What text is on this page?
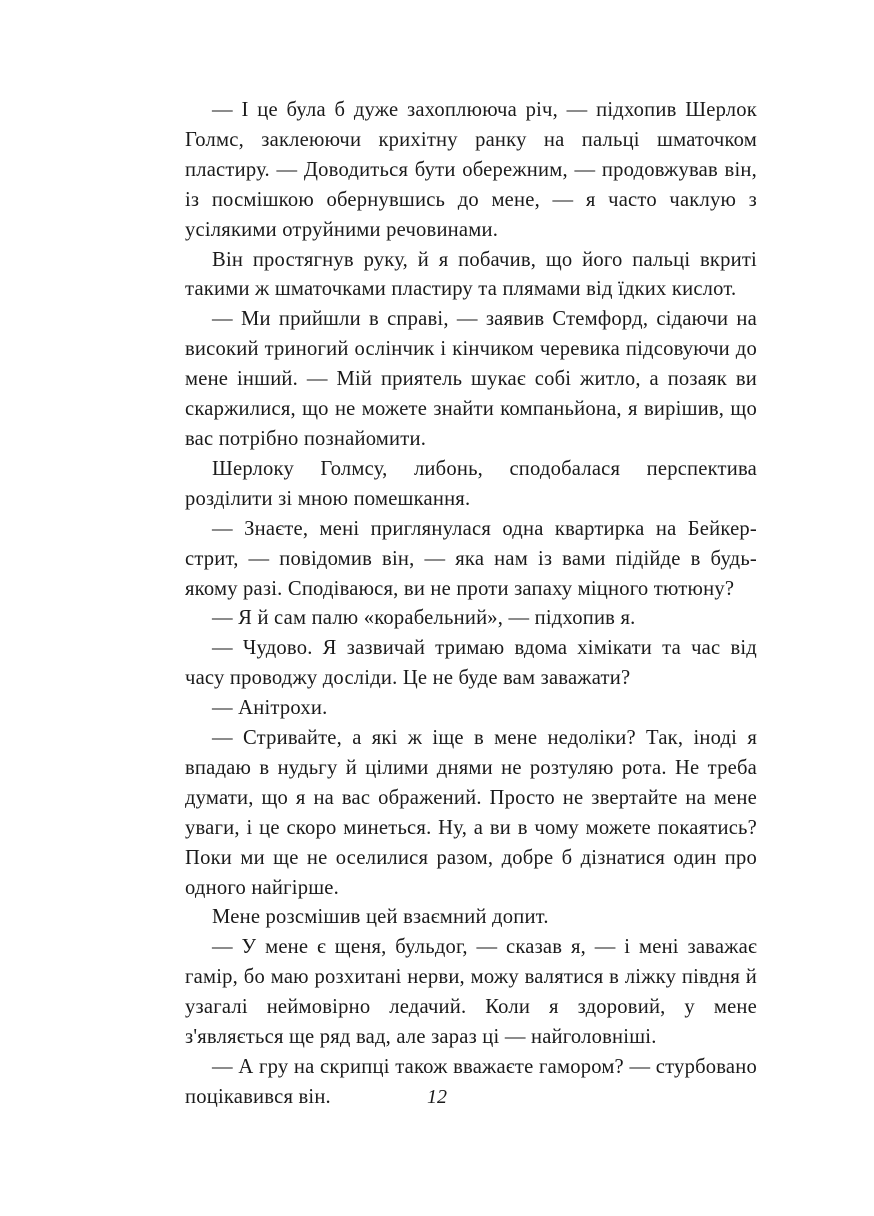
— І це була б дуже захоплююча річ, — підхопив Шерлок Голмс, заклеюючи крихітну ранку на пальці шматочком пластиру. — Доводиться бути обережним, — продовжував він, із посмішкою обернувшись до мене, — я часто чаклую з усілякими отруйними речовинами.

Він простягнув руку, й я побачив, що його пальці вкриті такими ж шматочками пластиру та плямами від їдких кислот.

— Ми прийшли в справі, — заявив Стемфорд, сідаючи на високий триногий ослінчик і кінчиком черевика підсовуючи до мене інший. — Мій приятель шукає собі житло, а позаяк ви скаржилися, що не можете знайти компаньйона, я вирішив, що вас потрібно познайомити.

Шерлоку Голмсу, либонь, сподобалася перспектива розділити зі мною помешкання.

— Знаєте, мені приглянулася одна квартирка на Бейкер-стрит, — повідомив він, — яка нам із вами підійде в будь-якому разі. Сподіваюся, ви не проти запаху міцного тютюну?

— Я й сам палю «корабельний», — підхопив я.

— Чудово. Я зазвичай тримаю вдома хімікати та час від часу проводжу досліди. Це не буде вам заважати?

— Анітрохи.

— Стривайте, а які ж іще в мене недоліки? Так, іноді я впадаю в нудьгу й цілими днями не розтуляю рота. Не треба думати, що я на вас ображений. Просто не звертайте на мене уваги, і це скоро минеться. Ну, а ви в чому можете покаятись? Поки ми ще не оселилися разом, добре б дізнатися один про одного найгірше.

Мене розсмішив цей взаємний допит.

— У мене є щеня, бульдог, — сказав я, — і мені заважає гамір, бо маю розхитані нерви, можу валятися в ліжку півдня й узагалі неймовірно ледачий. Коли я здоровий, у мене з'являється ще ряд вад, але зараз ці — найголовніші.

— А гру на скрипці також вважаєте гамором? — стурбовано поцікавився він.	12
